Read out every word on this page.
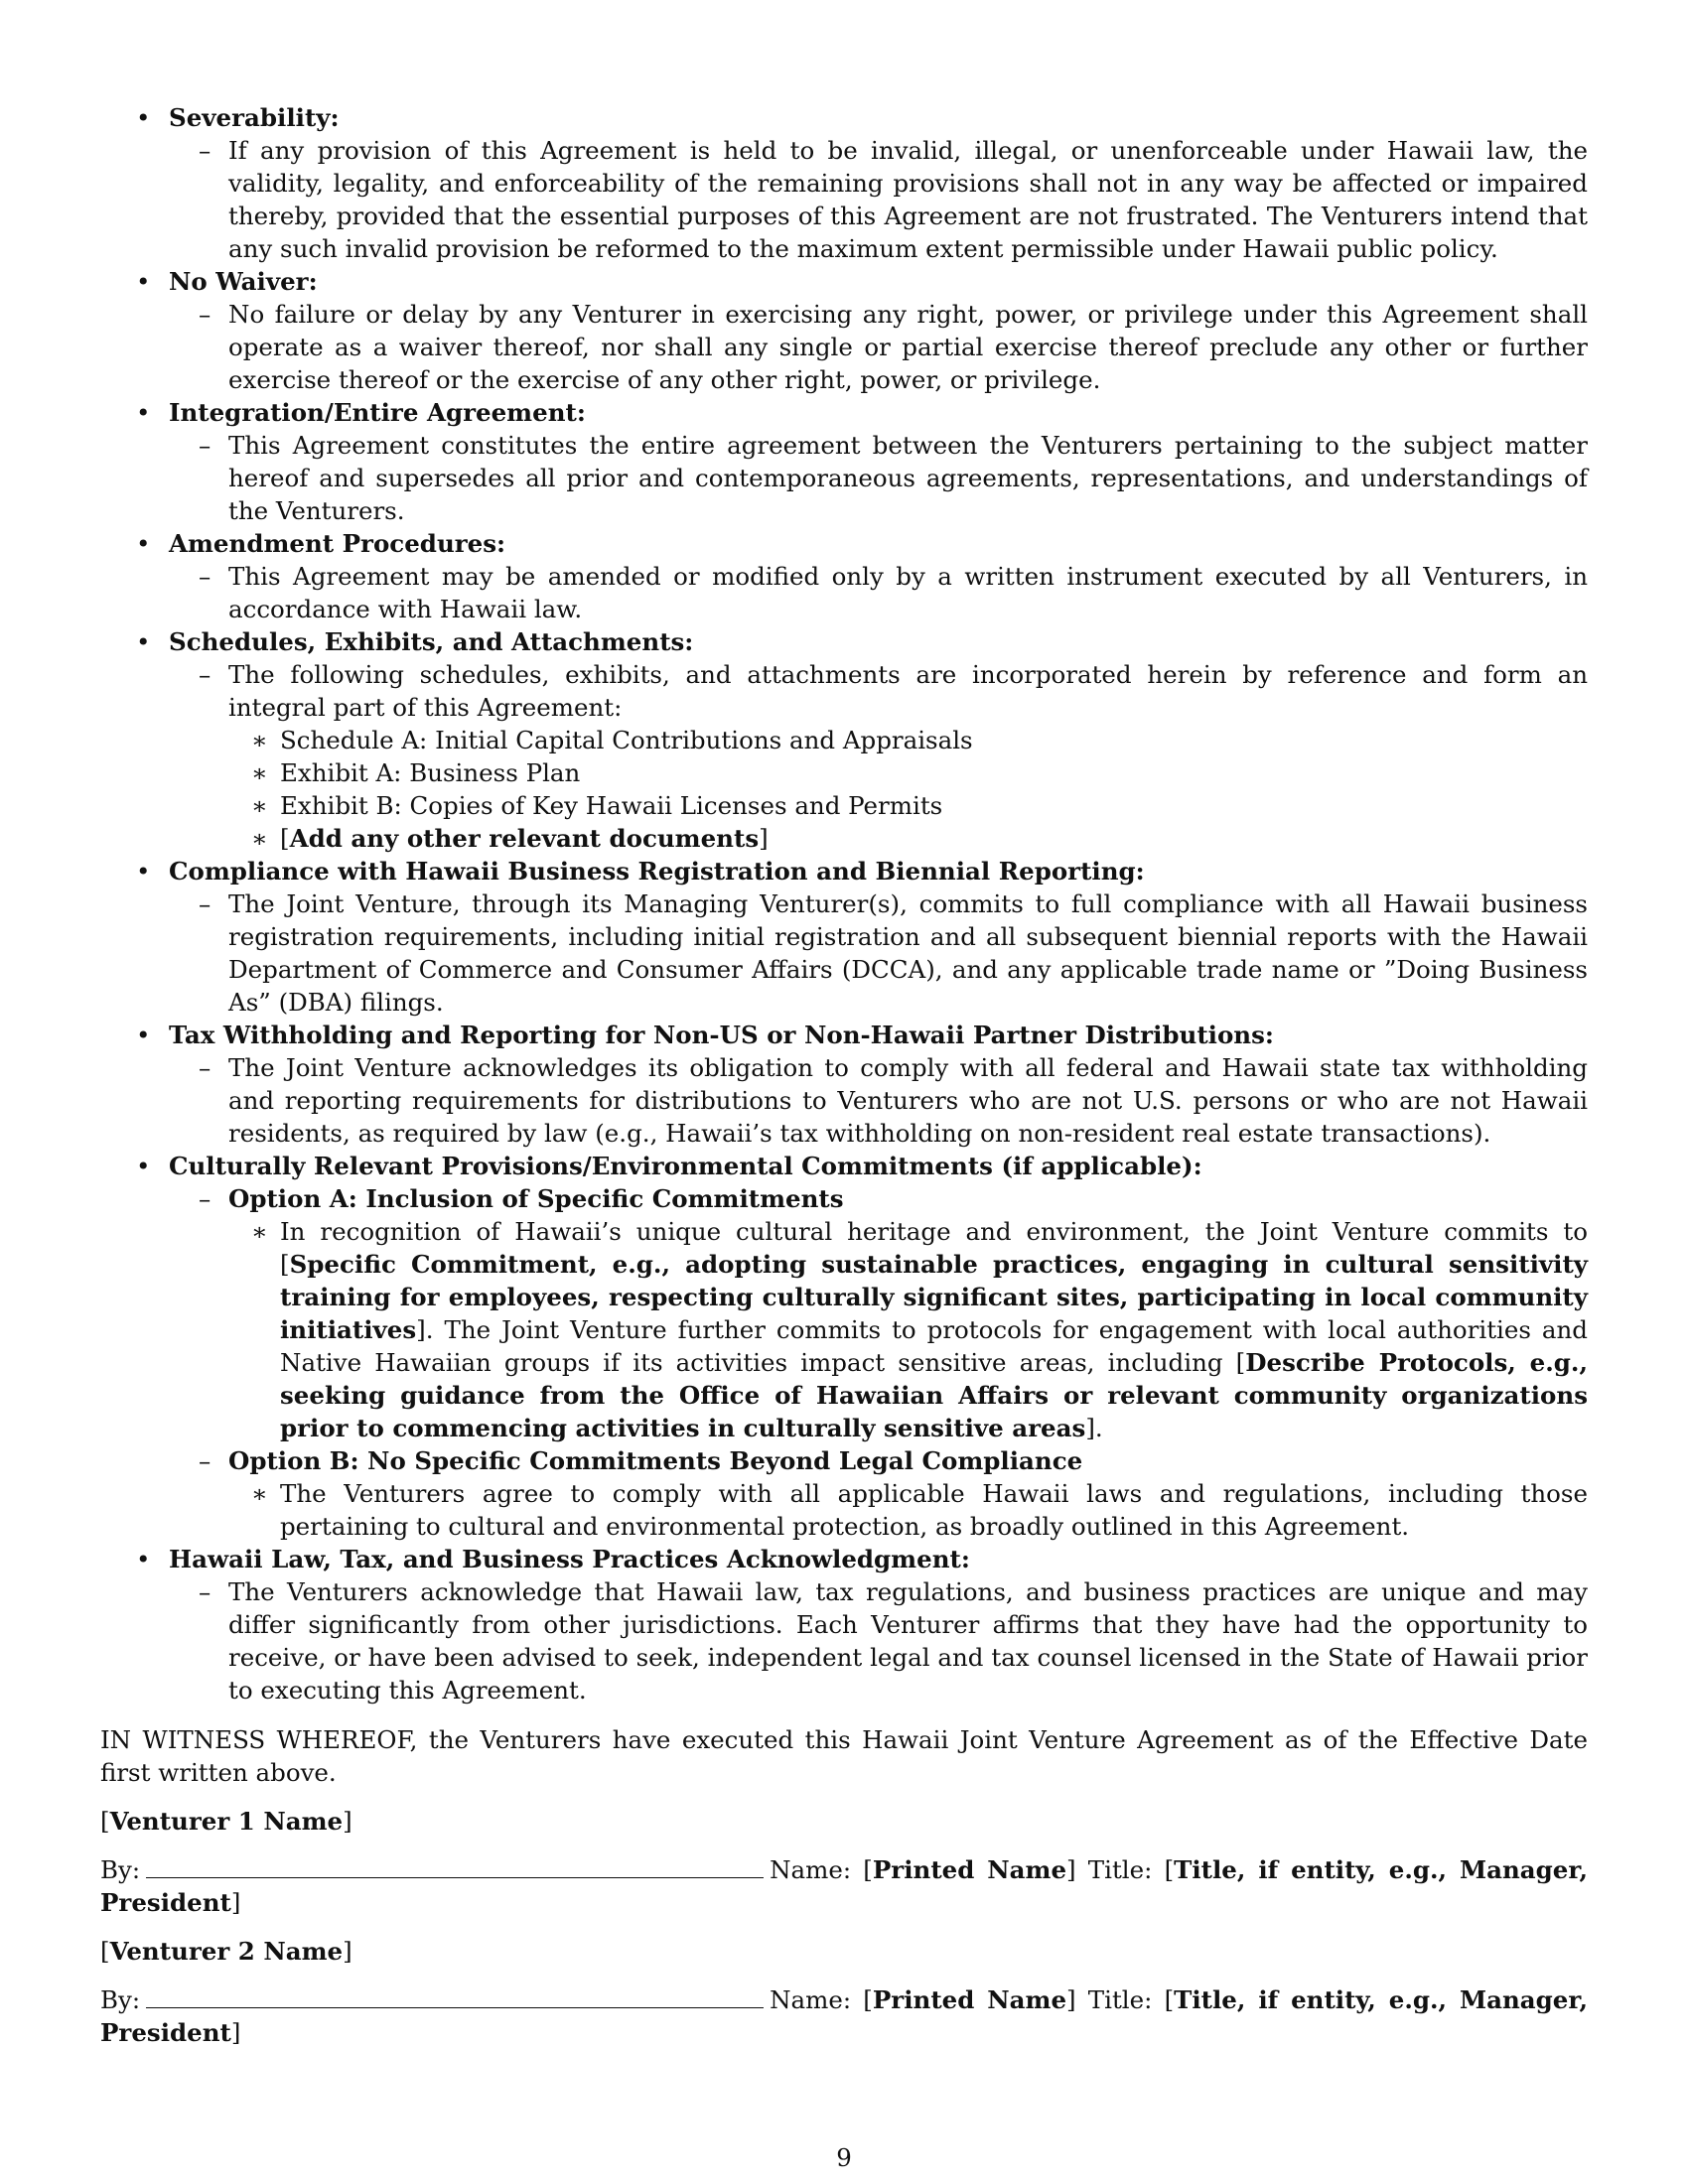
• Severability:
– If any provision of this Agreement is held to be invalid, illegal, or unenforceable under Hawaii law, the validity, legality, and enforceability of the remaining provisions shall not in any way be affected or impaired thereby, provided that the essential purposes of this Agreement are not frustrated. The Venturers intend that any such invalid provision be reformed to the maximum extent permissible under Hawaii public policy.
• No Waiver:
– No failure or delay by any Venturer in exercising any right, power, or privilege under this Agreement shall operate as a waiver thereof, nor shall any single or partial exercise thereof preclude any other or further exercise thereof or the exercise of any other right, power, or privilege.
• Integration/Entire Agreement:
– This Agreement constitutes the entire agreement between the Venturers pertaining to the subject matter hereof and supersedes all prior and contemporaneous agreements, representations, and understandings of the Venturers.
• Amendment Procedures:
– This Agreement may be amended or modified only by a written instrument executed by all Venturers, in accordance with Hawaii law.
• Schedules, Exhibits, and Attachments:
– The following schedules, exhibits, and attachments are incorporated herein by reference and form an integral part of this Agreement:
∗ Schedule A: Initial Capital Contributions and Appraisals
∗ Exhibit A: Business Plan
∗ Exhibit B: Copies of Key Hawaii Licenses and Permits
∗ [Add any other relevant documents]
• Compliance with Hawaii Business Registration and Biennial Reporting:
– The Joint Venture, through its Managing Venturer(s), commits to full compliance with all Hawaii business registration requirements, including initial registration and all subsequent biennial reports with the Hawaii Department of Commerce and Consumer Affairs (DCCA), and any applicable trade name or ”Doing Business As” (DBA) filings.
• Tax Withholding and Reporting for Non-US or Non-Hawaii Partner Distributions:
– The Joint Venture acknowledges its obligation to comply with all federal and Hawaii state tax withholding and reporting requirements for distributions to Venturers who are not U.S. persons or who are not Hawaii residents, as required by law (e.g., Hawaii’s tax withholding on non-resident real estate transactions).
• Culturally Relevant Provisions/Environmental Commitments (if applicable):
– Option A: Inclusion of Specific Commitments
∗ In recognition of Hawaii’s unique cultural heritage and environment, the Joint Venture commits to [Specific Commitment, e.g., adopting sustainable practices, engaging in cultural sensitivity training for employees, respecting culturally significant sites, participating in local community initiatives]. The Joint Venture further commits to protocols for engagement with local authorities and Native Hawaiian groups if its activities impact sensitive areas, including [Describe Protocols, e.g., seeking guidance from the Office of Hawaiian Affairs or relevant community organizations prior to commencing activities in culturally sensitive areas].
– Option B: No Specific Commitments Beyond Legal Compliance
∗ The Venturers agree to comply with all applicable Hawaii laws and regulations, including those pertaining to cultural and environmental protection, as broadly outlined in this Agreement.
• Hawaii Law, Tax, and Business Practices Acknowledgment:
– The Venturers acknowledge that Hawaii law, tax regulations, and business practices are unique and may differ significantly from other jurisdictions. Each Venturer affirms that they have had the opportunity to receive, or have been advised to seek, independent legal and tax counsel licensed in the State of Hawaii prior to executing this Agreement.
IN WITNESS WHEREOF, the Venturers have executed this Hawaii Joint Venture Agreement as of the Effective Date first written above.
[Venturer 1 Name]
By:	Name: [Printed Name] Title: [Title, if entity, e.g., Manager, President]
[Venturer 2 Name]
By:	Name: [Printed Name] Title: [Title, if entity, e.g., Manager, President]
9
